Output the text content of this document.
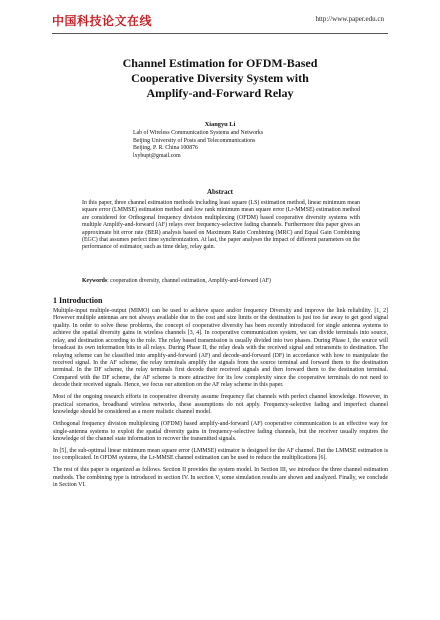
中国科技论文在线	http://www.paper.edu.cn
Channel Estimation for OFDM-Based
Cooperative Diversity System with
Amplify-and-Forward Relay
Xiangyu Li
Lab of Wireless Communication Systems and Networks
Beijing University of Posts and Telecommunications
Beijing, P. R. China 100876
lxybupt@gmail.com
Abstract

In this paper, three channel estimation methods including least square (LS) estimation method, linear minimum mean square error (LMMSE) estimation method and low rank minimum mean square error (Lr-MMSE) estimation method are considered for Orthogonal frequency division multiplexing (OFDM) based cooperative diversity systems with multiple Amplify-and-forward (AF) relays over frequency-selective fading channels. Furthermore this paper gives an approximate bit error rate (BER) analysis based on Maximum Ratio Combining (MRC) and Equal Gain Combining (EGC) that assumes perfect time synchronization. At last, the paper analyses the impact of different parameters on the performance of estimator, such as time delay, relay gain.

Keywords: cooperation diversity, channel estimation, Amplify-and-forward (AF)

1 Introduction

Multiple-input multiple-output (MIMO) can be used to achieve space and/or frequency Diversity and improve the link reliability. [1, 2] However multiple antennas are not always available due to the cost and size limits or the destination is just too far away to get good signal quality. In order to solve these problems, the concept of cooperative diversity has been recently introduced for single antenna systems to achieve the spatial diversity gains in wireless channels [3, 4]. In cooperative communication system, we can divide terminals into source, relay, and destination according to the role. The relay based transmission is usually divided into two phases. During Phase I, the source will broadcast its own information bits to all relays. During Phase II, the relay deals with the received signal and retransmits to destination. The relaying scheme can be classified into amplify-and-forward (AF) and decode-and-forward (DF) in accordance with how to manipulate the received signal. In the AF scheme, the relay terminals amplify the signals from the source terminal and forward them to the destination terminal. In the DF scheme, the relay terminals first decode their received signals and then forward them to the destination terminal. Compared with the DF scheme, the AF scheme is more attractive for its low complexity since the cooperative terminals do not need to decode their received signals. Hence, we focus our attention on the AF relay scheme in this paper.

Most of the ongoing research efforts in cooperative diversity assume frequency flat channels with perfect channel knowledge. However, in practical scenarios, broadband wireless networks, these assumptions do not apply. Frequency-selective fading and imperfect channel knowledge should be considered as a more realistic channel model.

Orthogonal frequency division multiplexing (OFDM) based amplify-and-forward (AF) cooperative communication is an effective way for single-antenna systems to exploit the spatial diversity gains in frequency-selective fading channels, but the receiver usually requires the knowledge of the channel state information to recover the transmitted signals.

In [5], the sub-optimal linear minimum mean square error (LMMSE) estimator is designed for the AF channel. But the LMMSE estimation is too complicated. In OFDM systems, the Lr-MMSE channel estimation can be used to reduce the multiplications [6].

The rest of this paper is organized as follows. Section II provides the system model. In Section III, we introduce the three channel estimation methods. The combining type is introduced in section IV. In section V, some simulation results are shown and analyzed. Finally, we conclude in Section VI.
